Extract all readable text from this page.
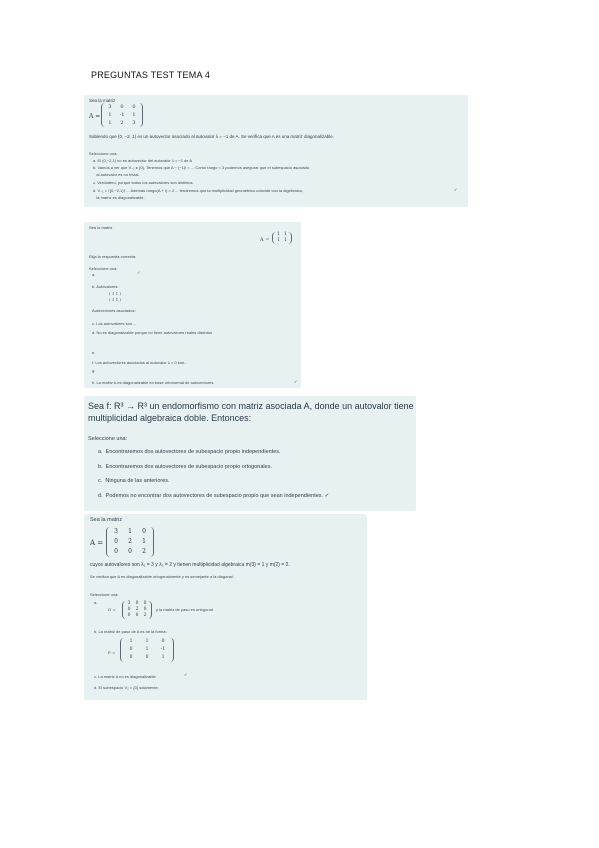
PREGUNTAS TEST TEMA 4
Sea la matriz
A =
3	0	0
1	-1	1
1	2	3
Sabiendo que (0, −2, 1) es un autovector asociado al autovalor λ = −1 de A. Se verifica que A es una matriz diagonalizable.
Seleccione una:
a. El (0,−2,1) no es autovector del autovalor λ = −1 de A
b. Vamos a ver que V₋₁ ≠ {0}. Tenemos que A − (−1)I = ... Como rango < 3 podemos asegurar que el subespacio asociado
al autovalor es no trivial.
c. Verdadero, porque todos los autovalores son distintos.
d. V₋₁ = ⟨(0,−2,1)⟩ ... Además rango(A + I) = 2 ... tendremos que la multiplicidad geométrica coincide con la algebraica,
la matriz es diagonalizable.
✓
Sea la matriz
A =
1 1
1 1
Elija la respuesta correcta:
Seleccione una:
a.	✓
b. Autovalores:
( 1 1 )
( 1 1 )
Autovectores asociados:
c. Los autovalores son ...
d. No es diagonalizable porque no tiene autovalores reales distintos
e.
f. Los autovectores asociados al autovalor λ = 0 son...
g.
h. La matriz A es diagonalizable en base ortonormal de autovectores.	✓
Sea f: R³ → R³ un endomorfismo con matriz asociada A, donde un autovalor tiene
multiplicidad algebraica doble. Entonces:
Seleccione una:
a.  Encontraremos dos autovectores de subespacio propio independientes.
b.  Encontraremos dos autovectores de subespacio propio ortogonales.
c.  Ninguna de las anteriores.
d.  Podemos no encontrar dos autovectores de subespacio propio que sean independientes. ✓
Sea la matriz
A =
3	1	0
0	2	1
0	0	2
cuyos autovalores son λ₁ = 3 y λ₂ = 2 y tienen multiplicidad algebraica m(3) = 1 y m(2) = 2.
Se verifica que A es diagonalizable ortogonalmente y es semejante a la diagonal:
Seleccione una:
a.
D =
3	0	0
0	2	0
0	0	2
y la matriz de paso es ortogonal
b. La matriz de paso de A es de la forma:
P =
1	1	0
0	1	-1
0	0	1
c. La matriz A no es diagonalizable.	✓
d. El subespacio V₂ = {0} solamente.
